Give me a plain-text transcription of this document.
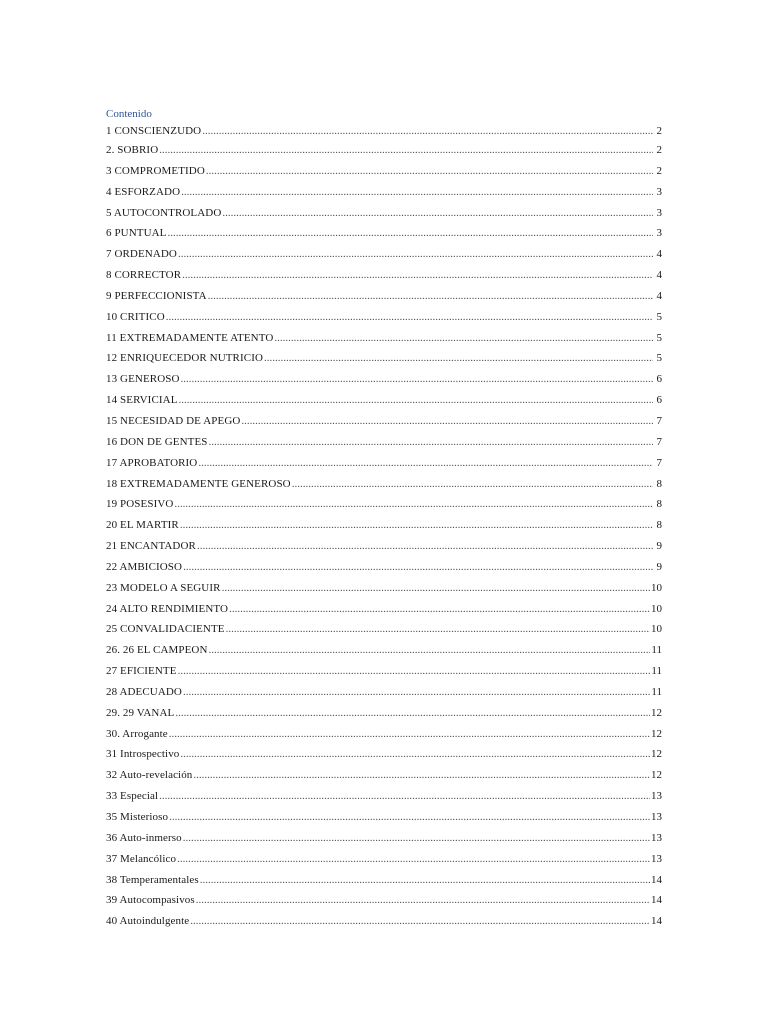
Contenido
1 CONSCIENZUDO .....	2
2. SOBRIO .....	2
3 COMPROMETIDO .....	2
4 ESFORZADO .....	3
5 AUTOCONTROLADO .....	3
6 PUNTUAL .....	3
7 ORDENADO .....	4
8 CORRECTOR .....	4
9 PERFECCIONISTA .....	4
10 CRITICO .....	5
11 EXTREMADAMENTE ATENTO .....	5
12 ENRIQUECEDOR NUTRICIO .....	5
13 GENEROSO .....	6
14 SERVICIAL .....	6
15 NECESIDAD DE APEGO .....	7
16 DON DE GENTES .....	7
17 APROBATORIO .....	7
18 EXTREMADAMENTE GENEROSO .....	8
19 POSESIVO .....	8
20 EL MARTIR .....	8
21 ENCANTADOR .....	9
22 AMBICIOSO .....	9
23 MODELO A SEGUIR .....	10
24 ALTO RENDIMIENTO .....	10
25 CONVALIDACIENTE .....	10
26. 26 EL CAMPEON .....	11
27 EFICIENTE .....	11
28 ADECUADO .....	11
29. 29 VANAL .....	12
30. Arrogante .....	12
31 Introspectivo .....	12
32 Auto-revelación .....	12
33 Especial .....	13
35 Misterioso .....	13
36 Auto-inmerso .....	13
37 Melancólico .....	13
38 Temperamentales .....	14
39 Autocompasivos .....	14
40 Autoindulgente .....	14
